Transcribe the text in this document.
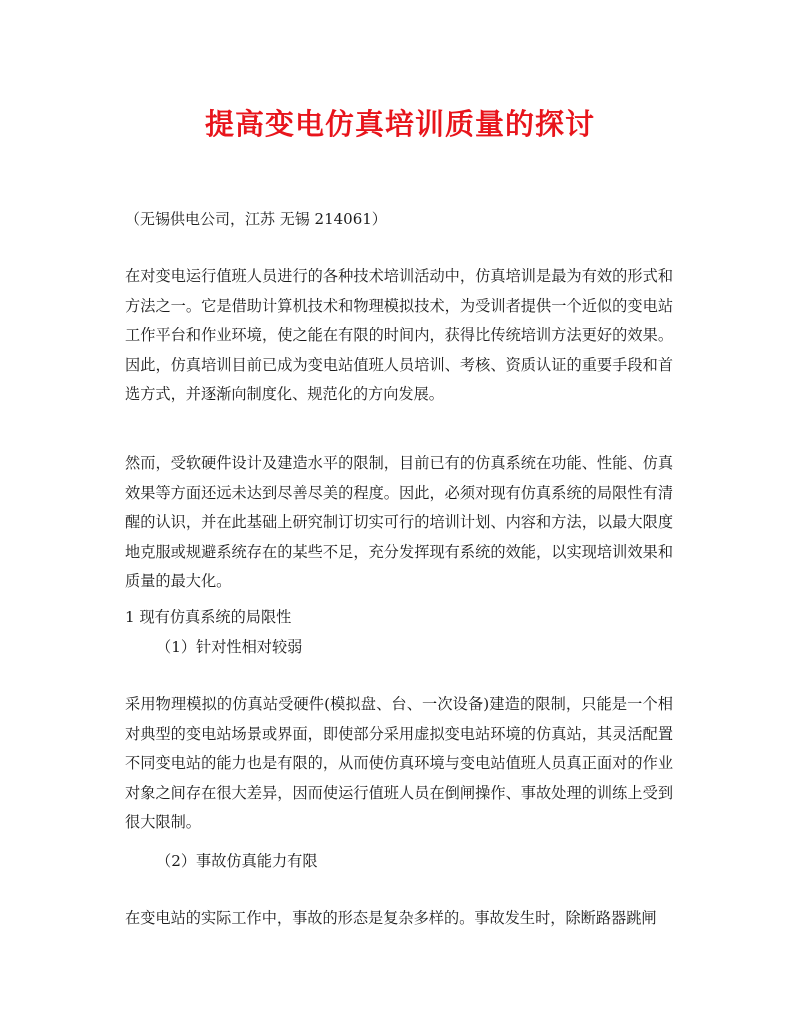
提高变电仿真培训质量的探讨
（无锡供电公司，江苏 无锡 214061）

在对变电运行值班人员进行的各种技术培训活动中，仿真培训是最为有效的形式和方法之一。它是借助计算机技术和物理模拟技术，为受训者提供一个近似的变电站工作平台和作业环境，使之能在有限的时间内，获得比传统培训方法更好的效果。因此，仿真培训目前已成为变电站值班人员培训、考核、资质认证的重要手段和首选方式，并逐渐向制度化、规范化的方向发展。

然而，受软硬件设计及建造水平的限制，目前已有的仿真系统在功能、性能、仿真效果等方面还远未达到尽善尽美的程度。因此，必须对现有仿真系统的局限性有清醒的认识，并在此基础上研究制订切实可行的培训计划、内容和方法，以最大限度地克服或规避系统存在的某些不足，充分发挥现有系统的效能，以实现培训效果和质量的最大化。

1 现有仿真系统的局限性
（1）针对性相对较弱

采用物理模拟的仿真站受硬件(模拟盘、台、一次设备)建造的限制，只能是一个相对典型的变电站场景或界面，即使部分采用虚拟变电站环境的仿真站，其灵活配置不同变电站的能力也是有限的，从而使仿真环境与变电站值班人员真正面对的作业对象之间存在很大差异，因而使运行值班人员在倒闸操作、事故处理的训练上受到很大限制。

（2）事故仿真能力有限

在变电站的实际工作中，事故的形态是复杂多样的。事故发生时，除断路器跳闸
